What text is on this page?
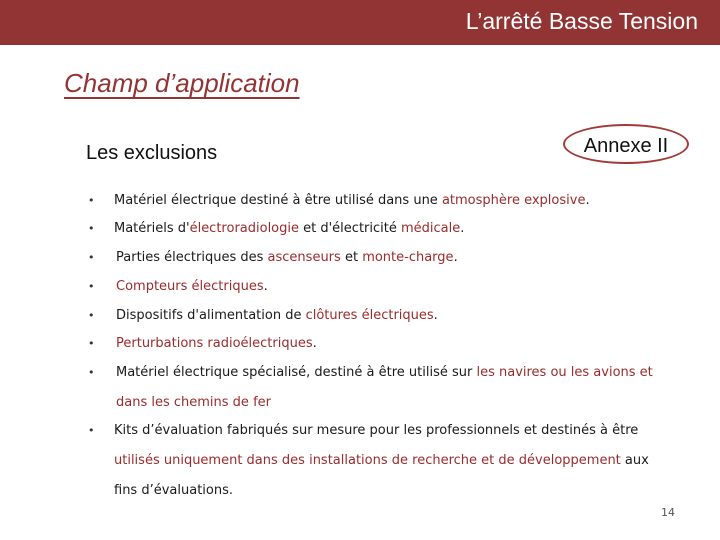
L’arrêté Basse Tension
Champ d’application
Les exclusions	Annexe II
•	Matériel électrique destiné à être utilisé dans une atmosphère explosive.
•	Matériels d'électroradiologie et d'électricité médicale.
•	Parties électriques des ascenseurs et monte-charge.
•	Compteurs électriques.
•	Dispositifs d'alimentation de clôtures électriques.
•	Perturbations radioélectriques.
•	Matériel électrique spécialisé, destiné à être utilisé sur les navires ou les avions et dans les chemins de fer
•	Kits d’évaluation fabriqués sur mesure pour les professionnels et destinés à être utilisés uniquement dans des installations de recherche et de développement aux fins d’évaluations.
14
